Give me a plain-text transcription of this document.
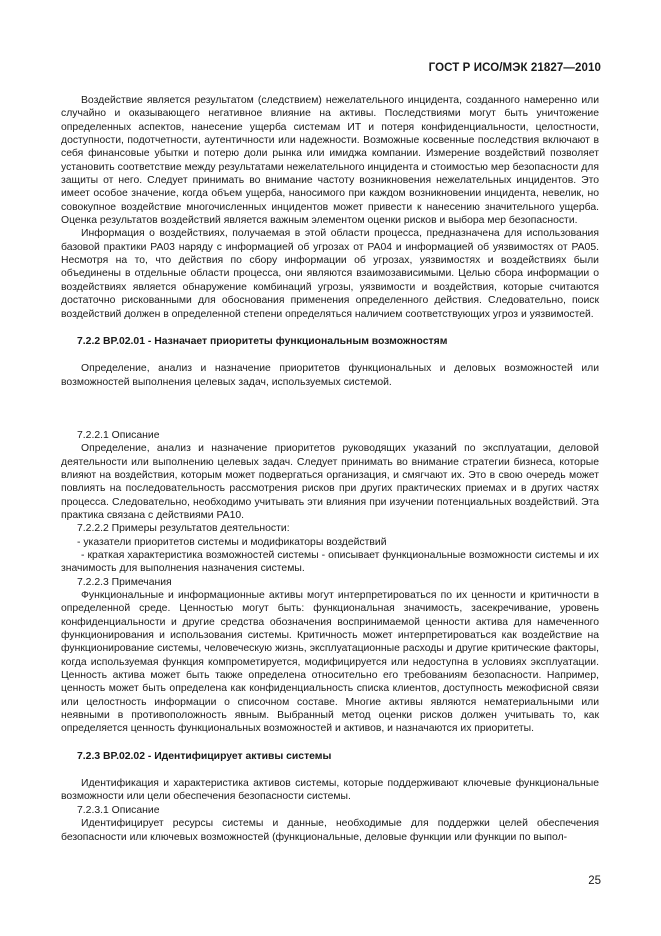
ГОСТ Р ИСО/МЭК 21827—2010

Воздействие является результатом (следствием) нежелательного инцидента, созданного намеренно или случайно и оказывающего негативное влияние на активы. Последствиями могут быть уничтожение определенных аспектов, нанесение ущерба системам ИТ и потеря конфиденциальности, целостности, доступности, подотчетности, аутентичности или надежности. Возможные косвенные последствия включают в себя финансовые убытки и потерю доли рынка или имиджа компании. Измерение воздействий позволяет установить соответствие между результатами нежелательного инцидента и стоимостью мер безопасности для защиты от него. Следует принимать во внимание частоту возникновения нежелательных инцидентов. Это имеет особое значение, когда объем ущерба, наносимого при каждом возникновении инцидента, невелик, но совокупное воздействие многочисленных инцидентов может привести к нанесению значительного ущерба. Оценка результатов воздействий является важным элементом оценки рисков и выбора мер безопасности.

Информация о воздействиях, получаемая в этой области процесса, предназначена для использования базовой практики PA03 наряду с информацией об угрозах от PA04 и информацией об уязвимостях от PA05. Несмотря на то, что действия по сбору информации об угрозах, уязвимостях и воздействиях были объединены в отдельные области процесса, они являются взаимозависимыми. Целью сбора информации о воздействиях является обнаружение комбинаций угрозы, уязвимости и воздействия, которые считаются достаточно рискованными для обоснования применения определенного действия. Следовательно, поиск воздействий должен в определенной степени определяться наличием соответствующих угроз и уязвимостей.

7.2.2 BP.02.01 - Назначает приоритеты функциональным возможностям

Определение, анализ и назначение приоритетов функциональных и деловых возможностей или возможностей выполнения целевых задач, используемых системой.

7.2.2.1 Описание

Определение, анализ и назначение приоритетов руководящих указаний по эксплуатации, деловой деятельности или выполнению целевых задач. Следует принимать во внимание стратегии бизнеса, которые влияют на воздействия, которым может подвергаться организация, и смягчают их. Это в свою очередь может повлиять на последовательность рассмотрения рисков при других практических приемах и в других частях процесса. Следовательно, необходимо учитывать эти влияния при изучении потенциальных воздействий. Эта практика связана с действиями PA10.

7.2.2.2 Примеры результатов деятельности:

- указатели приоритетов системы и модификаторы воздействий

- краткая характеристика возможностей системы - описывает функциональные возможности системы и их значимость для выполнения назначения системы.

7.2.2.3 Примечания

Функциональные и информационные активы могут интерпретироваться по их ценности и критичности в определенной среде. Ценностью могут быть: функциональная значимость, засекречивание, уровень конфиденциальности и другие средства обозначения воспринимаемой ценности актива для намеченного функционирования и использования системы. Критичность может интерпретироваться как воздействие на функционирование системы, человеческую жизнь, эксплуатационные расходы и другие критические факторы, когда используемая функция компрометируется, модифицируется или недоступна в условиях эксплуатации. Ценность актива может быть также определена относительно его требованиям безопасности. Например, ценность может быть определена как конфиденциальность списка клиентов, доступность межофисной связи или целостность информации о списочном составе. Многие активы являются нематериальными или неявными в противоположность явным. Выбранный метод оценки рисков должен учитывать то, как определяется ценность функциональных возможностей и активов, и назначаются их приоритеты.

7.2.3 BP.02.02 - Идентифицирует активы системы

Идентификация и характеристика активов системы, которые поддерживают ключевые функциональные возможности или цели обеспечения безопасности системы.

7.2.3.1 Описание

Идентифицирует ресурсы системы и данные, необходимые для поддержки целей обеспечения безопасности или ключевых возможностей (функциональные, деловые функции или функции по выпол-

25
